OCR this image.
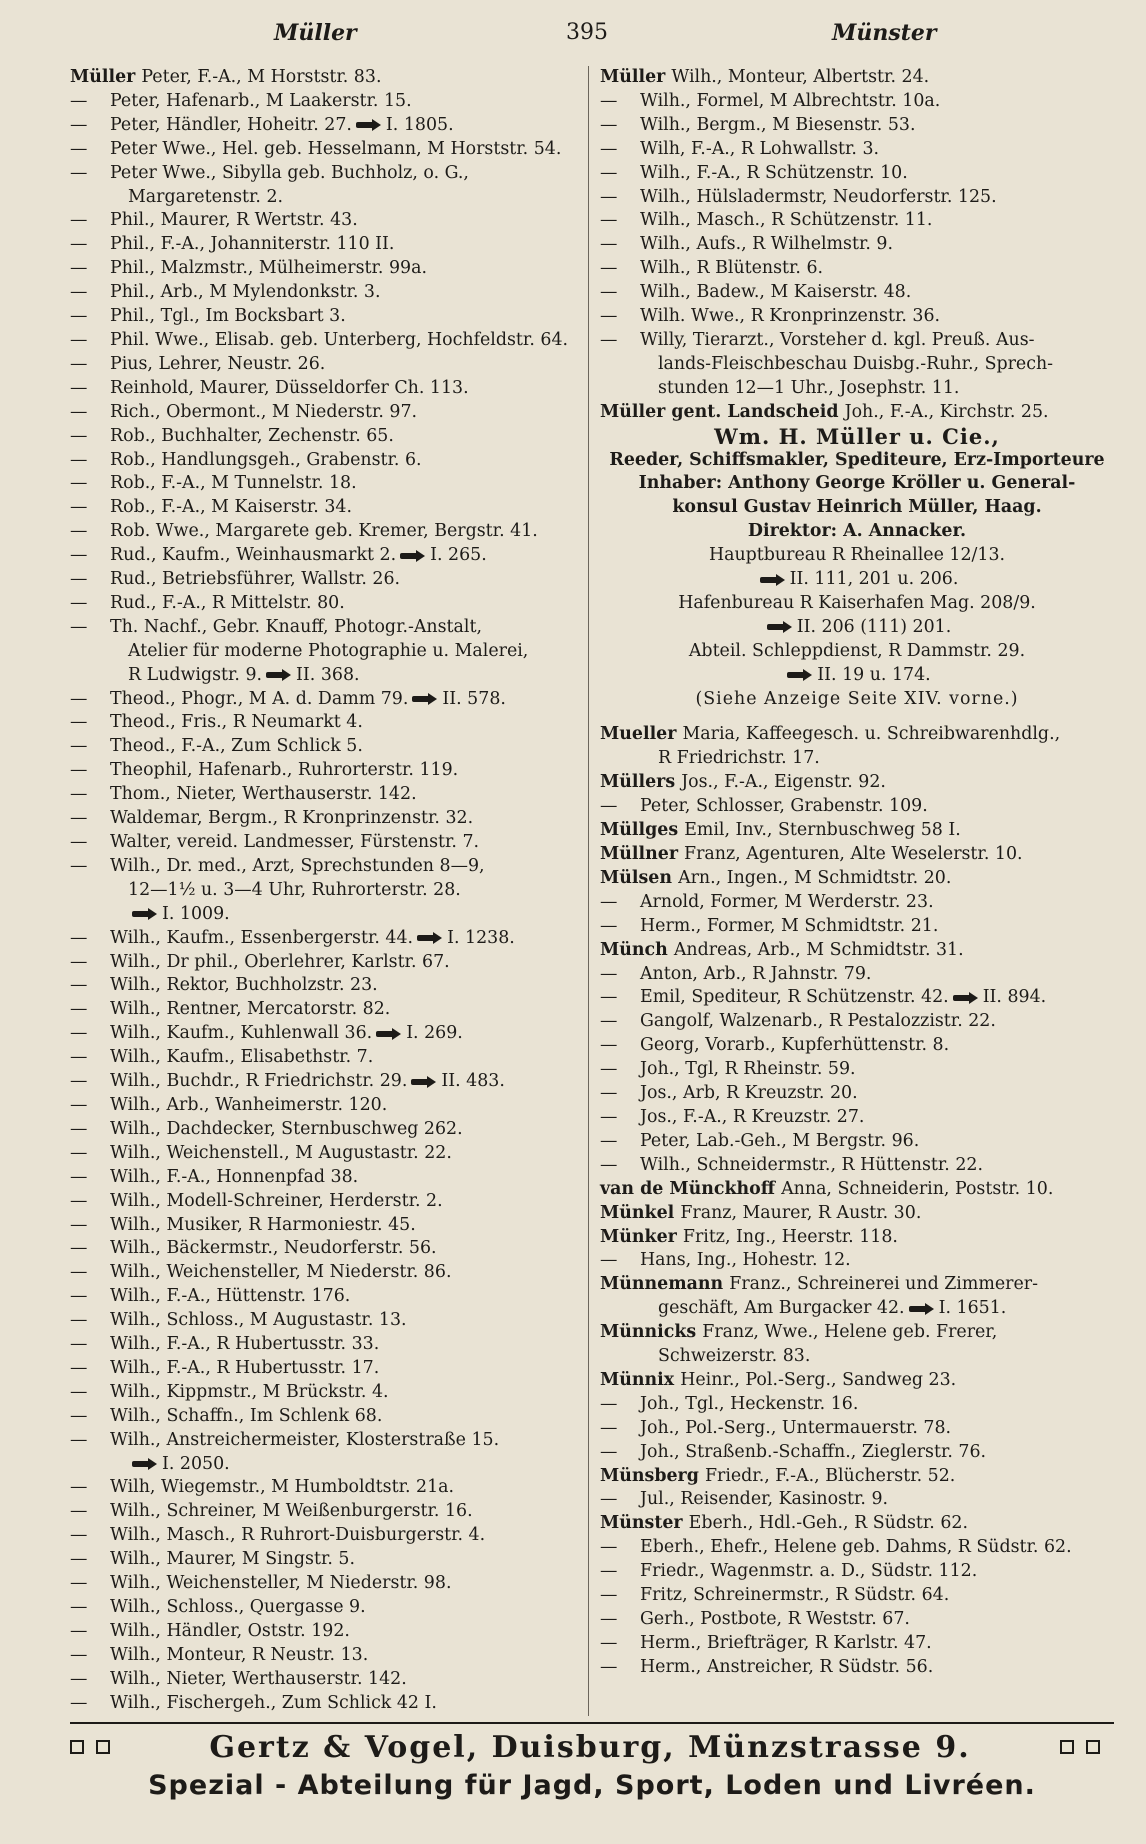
Müller	395	Münster
Müller Peter, F.-A., M Horststr. 83.
— Peter, Hafenarb., M Laakerstr. 15.
— Peter, Händler, Hoheitr. 27. I. 1805.
— Peter Wwe., Hel. geb. Hesselmann, M Horststr. 54.
— Peter Wwe., Sibylla geb. Buchholz, o. G.,
Margaretenstr. 2.
— Phil., Maurer, R Wertstr. 43.
— Phil., F.-A., Johanniterstr. 110 II.
— Phil., Malzmstr., Mülheimerstr. 99a.
— Phil., Arb., M Mylendonkstr. 3.
— Phil., Tgl., Im Bocksbart 3.
— Phil. Wwe., Elisab. geb. Unterberg, Hochfeldstr. 64.
— Pius, Lehrer, Neustr. 26.
— Reinhold, Maurer, Düsseldorfer Ch. 113.
— Rich., Obermont., M Niederstr. 97.
— Rob., Buchhalter, Zechenstr. 65.
— Rob., Handlungsgeh., Grabenstr. 6.
— Rob., F.-A., M Tunnelstr. 18.
— Rob., F.-A., M Kaiserstr. 34.
— Rob. Wwe., Margarete geb. Kremer, Bergstr. 41.
— Rud., Kaufm., Weinhausmarkt 2. I. 265.
— Rud., Betriebsführer, Wallstr. 26.
— Rud., F.-A., R Mittelstr. 80.
— Th. Nachf., Gebr. Knauff, Photogr.-Anstalt,
Atelier für moderne Photographie u. Malerei,
R Ludwigstr. 9. II. 368.
— Theod., Phogr., M A. d. Damm 79. II. 578.
— Theod., Fris., R Neumarkt 4.
— Theod., F.-A., Zum Schlick 5.
— Theophil, Hafenarb., Ruhrorterstr. 119.
— Thom., Nieter, Werthauserstr. 142.
— Waldemar, Bergm., R Kronprinzenstr. 32.
— Walter, vereid. Landmesser, Fürstenstr. 7.
— Wilh., Dr. med., Arzt, Sprechstunden 8—9,
12—1½ u. 3—4 Uhr, Ruhrorterstr. 28.
I. 1009.
— Wilh., Kaufm., Essenbergerstr. 44. I. 1238.
— Wilh., Dr phil., Oberlehrer, Karlstr. 67.
— Wilh., Rektor, Buchholzstr. 23.
— Wilh., Rentner, Mercatorstr. 82.
— Wilh., Kaufm., Kuhlenwall 36. I. 269.
— Wilh., Kaufm., Elisabethstr. 7.
— Wilh., Buchdr., R Friedrichstr. 29. II. 483.
— Wilh., Arb., Wanheimerstr. 120.
— Wilh., Dachdecker, Sternbuschweg 262.
— Wilh., Weichenstell., M Augustastr. 22.
— Wilh., F.-A., Honnenpfad 38.
— Wilh., Modell-Schreiner, Herderstr. 2.
— Wilh., Musiker, R Harmoniestr. 45.
— Wilh., Bäckermstr., Neudorferstr. 56.
— Wilh., Weichensteller, M Niederstr. 86.
— Wilh., F.-A., Hüttenstr. 176.
— Wilh., Schloss., M Augustastr. 13.
— Wilh., F.-A., R Hubertusstr. 33.
— Wilh., F.-A., R Hubertusstr. 17.
— Wilh., Kippmstr., M Brückstr. 4.
— Wilh., Schaffn., Im Schlenk 68.
— Wilh., Anstreichermeister, Klosterstraße 15.
I. 2050.
— Wilh, Wiegemstr., M Humboldtstr. 21a.
— Wilh., Schreiner, M Weißenburgerstr. 16.
— Wilh., Masch., R Ruhrort-Duisburgerstr. 4.
— Wilh., Maurer, M Singstr. 5.
— Wilh., Weichensteller, M Niederstr. 98.
— Wilh., Schloss., Quergasse 9.
— Wilh., Händler, Oststr. 192.
— Wilh., Monteur, R Neustr. 13.
— Wilh., Nieter, Werthauserstr. 142.
— Wilh., Fischergeh., Zum Schlick 42 I.
Müller Wilh., Monteur, Albertstr. 24.
— Wilh., Formel, M Albrechtstr. 10a.
— Wilh., Bergm., M Biesenstr. 53.
— Wilh, F.-A., R Lohwallstr. 3.
— Wilh., F.-A., R Schützenstr. 10.
— Wilh., Hülsladermstr, Neudorferstr. 125.
— Wilh., Masch., R Schützenstr. 11.
— Wilh., Aufs., R Wilhelmstr. 9.
— Wilh., R Blütenstr. 6.
— Wilh., Badew., M Kaiserstr. 48.
— Wilh. Wwe., R Kronprinzenstr. 36.
— Willy, Tierarzt., Vorsteher d. kgl. Preuß. Aus-
lands-Fleischbeschau Duisbg.-Ruhr., Sprech-
stunden 12—1 Uhr., Josephstr. 11.
Müller gent. Landscheid Joh., F.-A., Kirchstr. 25.
Wm. H. Müller u. Cie.,
Reeder, Schiffsmakler, Spediteure, Erz-Importeure
Inhaber: Anthony George Kröller u. General-
konsul Gustav Heinrich Müller, Haag.
Direktor: A. Annacker.
Hauptbureau R Rheinallee 12/13.
II. 111, 201 u. 206.
Hafenbureau R Kaiserhafen Mag. 208/9.
II. 206 (111) 201.
Abteil. Schleppdienst, R Dammstr. 29.
II. 19 u. 174.
(Siehe Anzeige Seite XIV. vorne.)
Mueller Maria, Kaffeegesch. u. Schreibwarenhdlg.,
R Friedrichstr. 17.
Müllers Jos., F.-A., Eigenstr. 92.
— Peter, Schlosser, Grabenstr. 109.
Müllges Emil, Inv., Sternbuschweg 58 I.
Müllner Franz, Agenturen, Alte Weselerstr. 10.
Mülsen Arn., Ingen., M Schmidtstr. 20.
— Arnold, Former, M Werderstr. 23.
— Herm., Former, M Schmidtstr. 21.
Münch Andreas, Arb., M Schmidtstr. 31.
— Anton, Arb., R Jahnstr. 79.
— Emil, Spediteur, R Schützenstr. 42. II. 894.
— Gangolf, Walzenarb., R Pestalozzistr. 22.
— Georg, Vorarb., Kupferhüttenstr. 8.
— Joh., Tgl, R Rheinstr. 59.
— Jos., Arb, R Kreuzstr. 20.
— Jos., F.-A., R Kreuzstr. 27.
— Peter, Lab.-Geh., M Bergstr. 96.
— Wilh., Schneidermstr., R Hüttenstr. 22.
van de Münckhoff Anna, Schneiderin, Poststr. 10.
Münkel Franz, Maurer, R Austr. 30.
Münker Fritz, Ing., Heerstr. 118.
— Hans, Ing., Hohestr. 12.
Münnemann Franz., Schreinerei und Zimmerer-
geschäft, Am Burgacker 42. I. 1651.
Münnicks Franz, Wwe., Helene geb. Frerer,
Schweizerstr. 83.
Münnix Heinr., Pol.-Serg., Sandweg 23.
— Joh., Tgl., Heckenstr. 16.
— Joh., Pol.-Serg., Untermauerstr. 78.
— Joh., Straßenb.-Schaffn., Zieglerstr. 76.
Münsberg Friedr., F.-A., Blücherstr. 52.
— Jul., Reisender, Kasinostr. 9.
Münster Eberh., Hdl.-Geh., R Südstr. 62.
— Eberh., Ehefr., Helene geb. Dahms, R Südstr. 62.
— Friedr., Wagenmstr. a. D., Südstr. 112.
— Fritz, Schreinermstr., R Südstr. 64.
— Gerh., Postbote, R Weststr. 67.
— Herm., Briefträger, R Karlstr. 47.
— Herm., Anstreicher, R Südstr. 56.
Gertz & Vogel, Duisburg, Münzstrasse 9.
Spezial - Abteilung für Jagd, Sport, Loden und Livréen.
